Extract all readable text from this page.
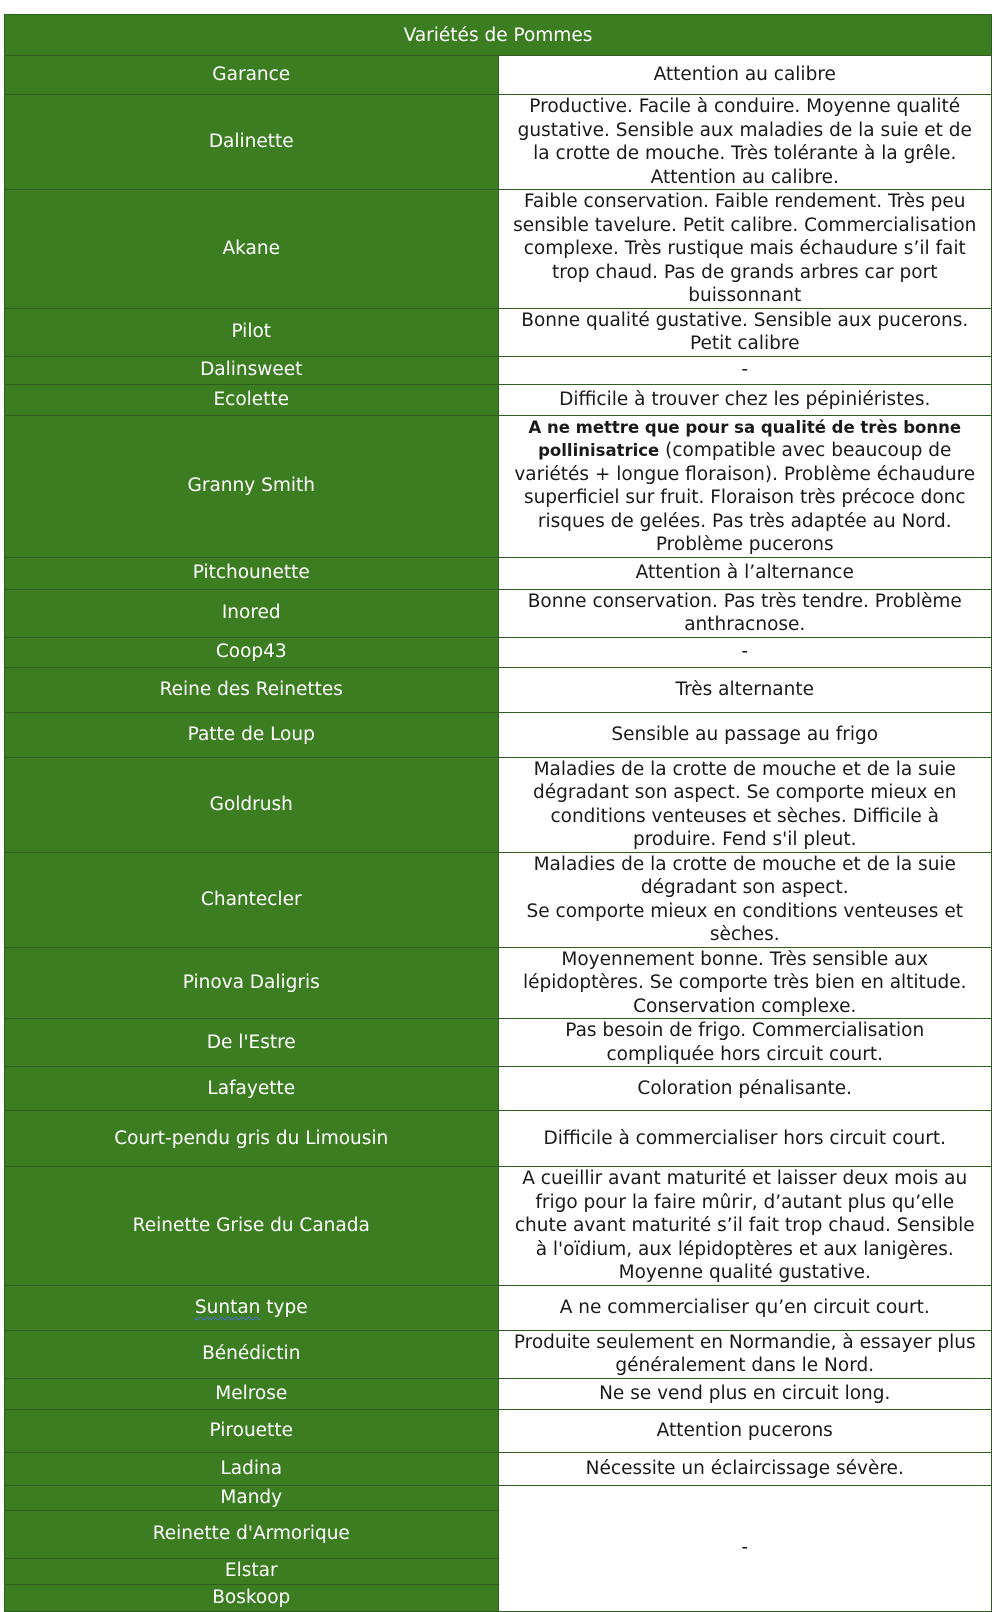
Variétés de Pommes	
Garance	Attention au calibre
Dalinette	Productive. Facile à conduire. Moyenne qualité gustative. Sensible aux maladies de la suie et de la crotte de mouche. Très tolérante à la grêle. Attention au calibre.
Akane	Faible conservation. Faible rendement. Très peu sensible tavelure. Petit calibre. Commercialisation complexe. Très rustique mais échaudure s’il fait trop chaud. Pas de grands arbres car port buissonnant
Pilot	Bonne qualité gustative. Sensible aux pucerons. Petit calibre
Dalinsweet	-
Ecolette	Difficile à trouver chez les pépiniéristes.
Granny Smith	A ne mettre que pour sa qualité de très bonne pollinisatrice (compatible avec beaucoup de variétés + longue floraison). Problème échaudure superficiel sur fruit. Floraison très précoce donc risques de gelées. Pas très adaptée au Nord. Problème pucerons
Pitchounette	Attention à l’alternance
Inored	Bonne conservation. Pas très tendre. Problème anthracnose.
Coop43	-
Reine des Reinettes	Très alternante
Patte de Loup	Sensible au passage au frigo
Goldrush	Maladies de la crotte de mouche et de la suie dégradant son aspect. Se comporte mieux en conditions venteuses et sèches. Difficile à produire. Fend s'il pleut.
Chantecler	Maladies de la crotte de mouche et de la suie dégradant son aspect.
Se comporte mieux en conditions venteuses et sèches.
Pinova Daligris	Moyennement bonne. Très sensible aux lépidoptères. Se comporte très bien en altitude. Conservation complexe.
De l'Estre	Pas besoin de frigo. Commercialisation compliquée hors circuit court.
Lafayette	Coloration pénalisante.
Court-pendu gris du Limousin	Difficile à commercialiser hors circuit court.
Reinette Grise du Canada	A cueillir avant maturité et laisser deux mois au frigo pour la faire mûrir, d’autant plus qu’elle chute avant maturité s’il fait trop chaud. Sensible à l'oïdium, aux lépidoptères et aux lanigères. Moyenne qualité gustative.
Suntan type	A ne commercialiser qu’en circuit court.
Bénédictin	Produite seulement en Normandie, à essayer plus généralement dans le Nord.
Melrose	Ne se vend plus en circuit long.
Pirouette	Attention pucerons
Ladina	Nécessite un éclaircissage sévère.
Mandy	-
Reinette d'Armorique	
Elstar	
Boskoop	
